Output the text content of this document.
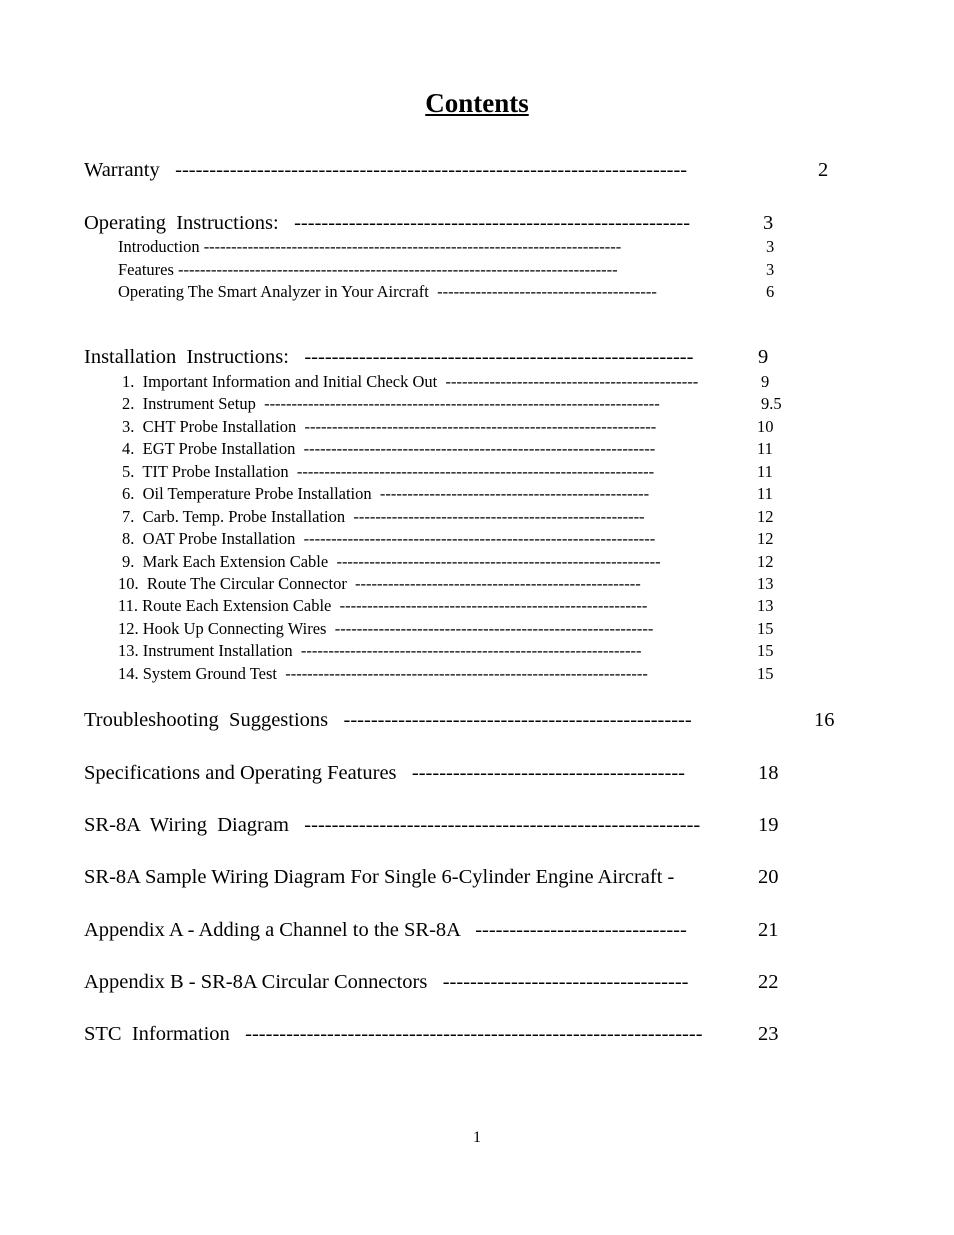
Contents
Warranty   ---------------------------------------------------------------------------	2
Operating  Instructions:   ----------------------------------------------------------	3
Introduction ----------------------------------------------------------------------------	3
Features --------------------------------------------------------------------------------	3
Operating The Smart Analyzer in Your Aircraft  ----------------------------------------	6
Installation  Instructions:   ---------------------------------------------------------	9
1.  Important Information and Initial Check Out  ----------------------------------------------	9
2.  Instrument Setup  ------------------------------------------------------------------------	9.5
3.  CHT Probe Installation  ----------------------------------------------------------------	10
4.  EGT Probe Installation  ----------------------------------------------------------------	11
5.  TIT Probe Installation  -----------------------------------------------------------------	11
6.  Oil Temperature Probe Installation  -------------------------------------------------	11
7.  Carb. Temp. Probe Installation  -----------------------------------------------------	12
8.  OAT Probe Installation  ----------------------------------------------------------------	12
9.  Mark Each Extension Cable  -----------------------------------------------------------	12
10.  Route The Circular Connector  ----------------------------------------------------	13
11. Route Each Extension Cable  --------------------------------------------------------	13
12. Hook Up Connecting Wires  ----------------------------------------------------------	15
13. Instrument Installation  --------------------------------------------------------------	15
14. System Ground Test  ------------------------------------------------------------------	15
Troubleshooting  Suggestions   ---------------------------------------------------	16
Specifications and Operating Features   ----------------------------------------	18
SR-8A  Wiring  Diagram   ----------------------------------------------------------	19
SR-8A Sample Wiring Diagram For Single 6-Cylinder Engine Aircraft -	20
Appendix A - Adding a Channel to the SR-8A   -------------------------------	21
Appendix B - SR-8A Circular Connectors   ------------------------------------	22
STC  Information   -------------------------------------------------------------------	23
1
